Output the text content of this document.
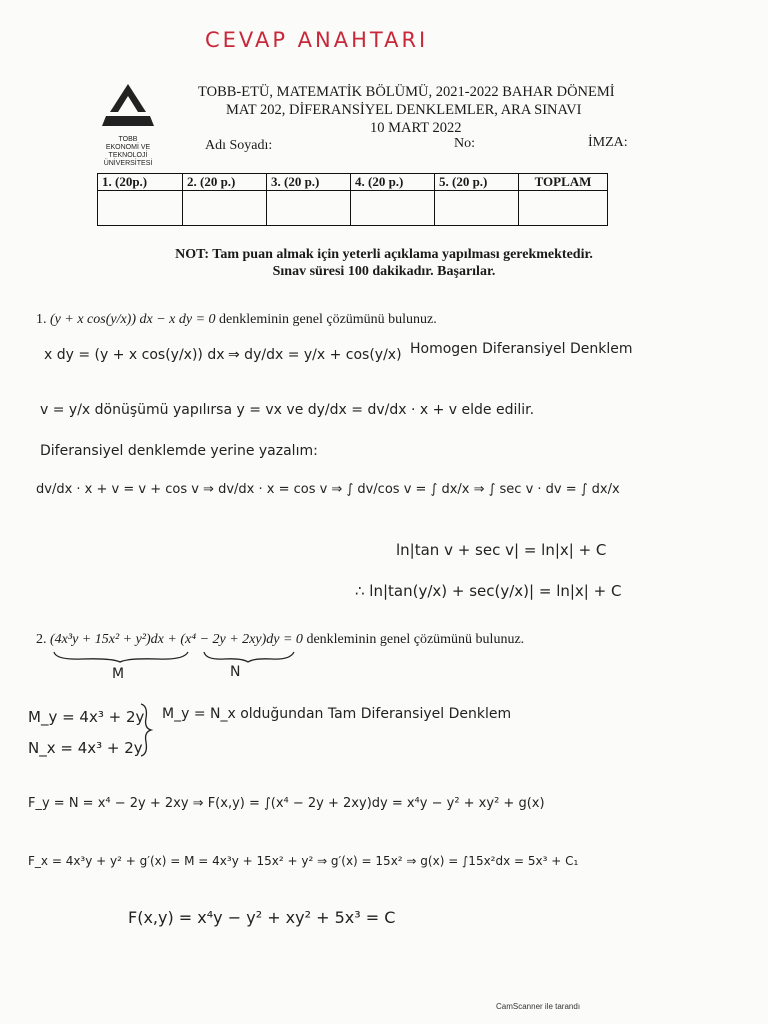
CEVAP ANAHTARI
TOBB
EKONOMİ VE TEKNOLOJİ
ÜNİVERSİTESİ
TOBB-ETÜ, MATEMATİK BÖLÜMÜ, 2021-2022 BAHAR DÖNEMİ
MAT 202, DİFERANSİYEL DENKLEMLER, ARA SINAVI
10 MART 2022
Adı Soyadı:	No:	İMZA:
1. (20p.)	2. (20 p.)	3. (20 p.)	4. (20 p.)	5. (20 p.)	TOPLAM

NOT: Tam puan almak için yeterli açıklama yapılması gerekmektedir.
Sınav süresi 100 dakikadır. Başarılar.
1. (y + x cos(y/x)) dx − x dy = 0 denkleminin genel çözümünü bulunuz.
x dy = (y + x cos(y/x)) dx ⇒ dy/dx = y/x + cos(y/x) Homogen Diferansiyel Denklem
v = y/x dönüşümü yapılırsa y = vx ve dy/dx = dv/dx · x + v elde edilir.
Diferansiyel denklemde yerine yazalım:
dv/dx · x + v = v + cos v ⇒ dv/dx · x = cos v ⇒ ∫ dv/cos v = ∫ dx/x ⇒ ∫ sec v · dv = ∫ dx/x
ln|tan v + sec v| = ln|x| + C
∴ ln|tan(y/x) + sec(y/x)| = ln|x| + C
2. (4x³y + 15x² + y²)dx + (x⁴ − 2y + 2xy)dy = 0 denkleminin genel çözümünü bulunuz.
M	N
M_y = 4x³ + 2y
N_x = 4x³ + 2y
M_y = N_x olduğundan Tam Diferansiyel Denklem
F_y = N = x⁴ − 2y + 2xy ⇒ F(x,y) = ∫(x⁴ − 2y + 2xy)dy = x⁴y − y² + xy² + g(x)
F_x = 4x³y + y² + g′(x) = M = 4x³y + 15x² + y² ⇒ g′(x) = 15x² ⇒ g(x) = ∫15x²dx = 5x³ + C₁
F(x,y) = x⁴y − y² + xy² + 5x³ = C
CamScanner ile tarandı
